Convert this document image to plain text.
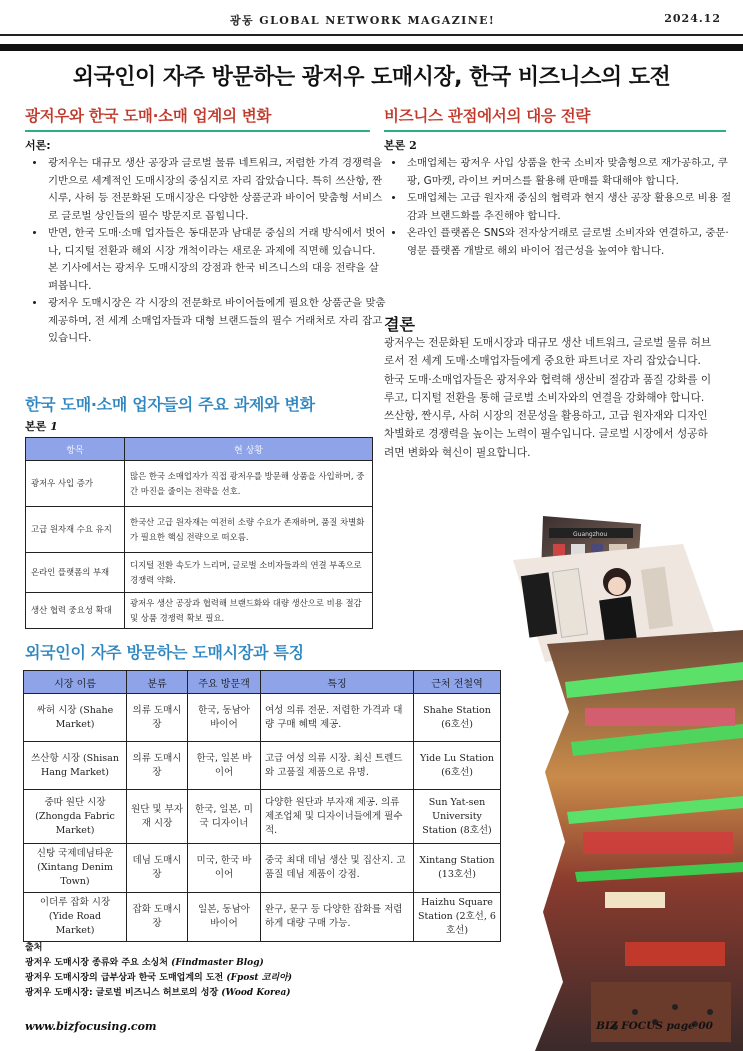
광동 GLOBAL NETWORK MAGAZINE!	2024.12
외국인이 자주 방문하는 광저우 도매시장, 한국 비즈니스의 도전
광저우와 한국 도매·소매 업계의 변화
서론:
• 광저우는 대규모 생산 공장과 글로벌 물류 네트워크, 저렴한 가격 경쟁력을 기반으로 세계적인 도매시장의 중심지로 자리 잡았습니다. 특히 쓰산항, 짠시루, 사허 등 전문화된 도매시장은 다양한 상품군과 바이어 맞춤형 서비스로 글로벌 상인들의 필수 방문지로 꼽힙니다.
• 반면, 한국 도매·소매 업자들은 동대문과 남대문 중심의 거래 방식에서 벗어나, 디지털 전환과 해외 시장 개척이라는 새로운 과제에 직면해 있습니다. 본 기사에서는 광저우 도매시장의 강점과 한국 비즈니스의 대응 전략을 살펴봅니다.
• 광저우 도매시장은 각 시장의 전문화로 바이어들에게 필요한 상품군을 맞춤 제공하며, 전 세계 소매업자들과 대형 브랜드들의 필수 거래처로 자리 잡고 있습니다.
한국 도매·소매 업자들의 주요 과제와 변화
본론 1
항목	현 상황
광저우 사입 증가	많은 한국 소매업자가 직접 광저우를 방문해 상품을 사입하며, 중간 마진을 줄이는 전략을 선호.
고급 원자재 수요 유지	한국산 고급 원자재는 여전히 소량 수요가 존재하며, 품질 차별화가 필요한 핵심 전략으로 떠오름.
온라인 플랫폼의 부재	디지털 전환 속도가 느리며, 글로벌 소비자들과의 연결 부족으로 경쟁력 약화.
생산 협력 중요성 확대	광저우 생산 공장과 협력해 브랜드화와 대량 생산으로 비용 절감 및 상품 경쟁력 확보 필요.
외국인이 자주 방문하는 도매시장과 특징
시장 이름	분류	주요 방문객	특징	근처 전철역
싸허 시장 (Shahe Market)	의류 도매시장	한국, 동남아 바이어	여성 의류 전문. 저렴한 가격과 대량 구매 혜택 제공.	Shahe Station (6호선)
쓰산항 시장 (Shisan Hang Market)	의류 도매시장	한국, 일본 바이어	고급 여성 의류 시장. 최신 트렌드와 고품질 제품으로 유명.	Yide Lu Station (6호선)
중따 원단 시장 (Zhongda Fabric Market)	원단 및 부자재 시장	한국, 일본, 미국 디자이너	다양한 원단과 부자재 제공. 의류 제조업체 및 디자이너들에게 필수적.	Sun Yat-sen University Station (8호선)
신탕 국제데님타운 (Xintang Denim Town)	데님 도매시장	미국, 한국 바이어	중국 최대 데님 생산 및 집산지. 고품질 데님 제품이 강점.	Xintang Station (13호선)
이더루 잡화 시장 (Yide Road Market)	잡화 도매시장	일본, 동남아 바이어	완구, 문구 등 다양한 잡화를 저렴하게 대량 구매 가능.	Haizhu Square Station (2호선, 6호선)
출처
광저우 도매시장 종류와 주요 소싱처 (Findmaster Blog)
광저우 도매시장의 급부상과 한국 도매업계의 도전 (Fpost 코리아)
광저우 도매시장: 글로벌 비즈니스 허브로의 성장 (Wood Korea)
비즈니스 관점에서의 대응 전략
본론 2
• 소매업체는 광저우 사입 상품을 한국 소비자 맞춤형으로 재가공하고, 쿠팡, G마켓, 라이브 커머스를 활용해 판매를 확대해야 합니다.
• 도매업체는 고급 원자재 중심의 협력과 현지 생산 공장 활용으로 비용 절감과 브랜드화를 추진해야 합니다.
• 온라인 플랫폼은 SNS와 전자상거래로 글로벌 소비자와 연결하고, 중문·영문 플랫폼 개발로 해외 바이어 접근성을 높여야 합니다.
결론
광저우는 전문화된 도매시장과 대규모 생산 네트워크, 글로벌 물류 허브로서 전 세계 도매·소매업자들에게 중요한 파트너로 자리 잡았습니다.
한국 도매·소매업자들은 광저우와 협력해 생산비 절감과 품질 강화를 이루고, 디지털 전환을 통해 글로벌 소비자와의 연결을 강화해야 합니다.
쓰산항, 짠시루, 사허 시장의 전문성을 활용하고, 고급 원자재와 디자인 차별화로 경쟁력을 높이는 노력이 필수입니다. 글로벌 시장에서 성공하려면 변화와 혁신이 필요합니다.
Guangzhou
www.bizfocusing.com	BIZ FOCUS page 00
